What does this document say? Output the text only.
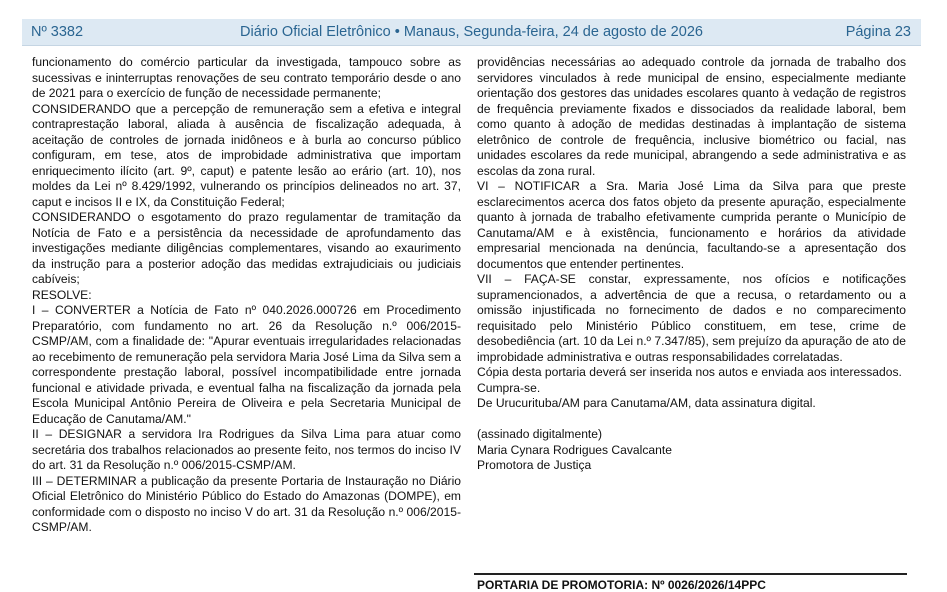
Diário Oficial Eletrônico • Manaus, Segunda-feira, 24 de agosto de 2026
Nº 3382	Página 23

funcionamento do comércio particular da investigada, tampouco sobre as sucessivas e ininterruptas renovações de seu contrato temporário desde o ano de 2021 para o exercício de função de necessidade permanente;

CONSIDERANDO que a percepção de remuneração sem a efetiva e integral contraprestação laboral, aliada à ausência de fiscalização adequada, à aceitação de controles de jornada inidôneos e à burla ao concurso público configuram, em tese, atos de improbidade administrativa que importam enriquecimento ilícito (art. 9º, caput) e patente lesão ao erário (art. 10), nos moldes da Lei nº 8.429/1992, vulnerando os princípios delineados no art. 37, caput e incisos II e IX, da Constituição Federal;

CONSIDERANDO o esgotamento do prazo regulamentar de tramitação da Notícia de Fato e a persistência da necessidade de aprofundamento das investigações mediante diligências complementares, visando ao exaurimento da instrução para a posterior adoção das medidas extrajudiciais ou judiciais cabíveis;

RESOLVE:

I – CONVERTER a Notícia de Fato nº 040.2026.000726 em Procedimento Preparatório, com fundamento no art. 26 da Resolução n.º 006/2015-CSMP/AM, com a finalidade de: "Apurar eventuais irregularidades relacionadas ao recebimento de remuneração pela servidora Maria José Lima da Silva sem a correspondente prestação laboral, possível incompatibilidade entre jornada funcional e atividade privada, e eventual falha na fiscalização da jornada pela Escola Municipal Antônio Pereira de Oliveira e pela Secretaria Municipal de Educação de Canutama/AM."

II – DESIGNAR a servidora Ira Rodrigues da Silva Lima para atuar como secretária dos trabalhos relacionados ao presente feito, nos termos do inciso IV do art. 31 da Resolução n.º 006/2015-CSMP/AM.

III – DETERMINAR a publicação da presente Portaria de Instauração no Diário Oficial Eletrônico do Ministério Público do Estado do Amazonas (DOMPE), em conformidade com o disposto no inciso V do art. 31 da Resolução n.º 006/2015-CSMP/AM.

providências necessárias ao adequado controle da jornada de trabalho dos servidores vinculados à rede municipal de ensino, especialmente mediante orientação dos gestores das unidades escolares quanto à vedação de registros de frequência previamente fixados e dissociados da realidade laboral, bem como quanto à adoção de medidas destinadas à implantação de sistema eletrônico de controle de frequência, inclusive biométrico ou facial, nas unidades escolares da rede municipal, abrangendo a sede administrativa e as escolas da zona rural.

VI – NOTIFICAR a Sra. Maria José Lima da Silva para que preste esclarecimentos acerca dos fatos objeto da presente apuração, especialmente quanto à jornada de trabalho efetivamente cumprida perante o Município de Canutama/AM e à existência, funcionamento e horários da atividade empresarial mencionada na denúncia, facultando-se a apresentação dos documentos que entender pertinentes.

VII – FAÇA-SE constar, expressamente, nos ofícios e notificações supramencionados, a advertência de que a recusa, o retardamento ou a omissão injustificada no fornecimento de dados e no comparecimento requisitado pelo Ministério Público constituem, em tese, crime de desobediência (art. 10 da Lei n.º 7.347/85), sem prejuízo da apuração de ato de improbidade administrativa e outras responsabilidades correlatadas.

Cópia desta portaria deverá ser inserida nos autos e enviada aos interessados.

Cumpra-se.

De Urucurituba/AM para Canutama/AM, data assinatura digital.

(assinado digitalmente)

Maria Cynara Rodrigues Cavalcante

Promotora de Justiça

PORTARIA DE PROMOTORIA: Nº 0026/2026/14PPC
